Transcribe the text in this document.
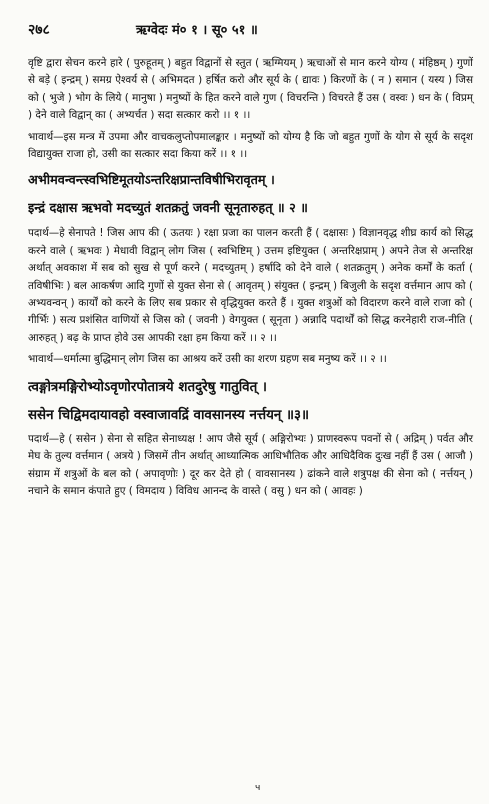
२७८	ऋग्वेदः मं० १ । सू० ५१ ॥

वृष्टि द्वारा सेचन करने हारे ( पुरुहूतम् ) बहुत विद्वानों से स्तुत ( ऋग्मियम् ) ऋचाओं से मान करने योग्य ( मंहिष्ठम् ) गुणों से बड़े ( इन्द्रम् ) समग्र ऐश्वर्य से ( अभिमदत ) हर्षित करो और सूर्य के ( द्यावः ) किरणों के ( न ) समान ( यस्य ) जिस को ( भुजे ) भोग के लिये ( मानुषा ) मनुष्यों के हित करने वाले गुण ( विचरन्ति ) विचरते हैं उस ( वस्वः ) धन के ( विप्रम् ) देने वाले विद्वान् का ( अभ्यर्चत ) सदा सत्कार करो ।। १ ।।

भावार्थ—इस मन्त्र में उपमा और वाचकलुप्तोपमालङ्कार । मनुष्यों को योग्य है कि जो बहुत गुणों के योग से सूर्य के सदृश विद्यायुक्त राजा हो, उसी का सत्कार सदा किया करें ।। १ ।।

अभीमवन्वन्त्स्वभिष्टिमूतयोऽन्तरिक्षप्रान्तविषीभिरावृतम् ।

इन्द्रं दक्षास ऋभवो मदच्युतं शतक्रतुं जवनी सूनृतारुहत् ॥ २ ॥

पदार्थ—हे सेनापते ! जिस आप की ( ऊतयः ) रक्षा प्रजा का पालन करती हैं ( दक्षासः ) विज्ञानवृद्ध शीघ्र कार्य को सिद्ध करने वाले ( ऋभवः ) मेधावी विद्वान् लोग जिस ( स्वभिष्टिम् ) उत्तम इष्टियुक्त ( अन्तरिक्षप्राम् ) अपने तेज से अन्तरिक्ष अर्थात् अवकाश में सब को सुख से पूर्ण करने ( मदच्युतम् ) हर्षादि को देने वाले ( शतक्रतुम् ) अनेक कर्मों के कर्ता ( तविषीभिः ) बल आकर्षण आदि गुणों से युक्त सेना से ( आवृतम् ) संयुक्त ( इन्द्रम् ) बिजुली के सदृश वर्त्तमान आप को ( अभ्यवन्वन् ) कार्यों को करने के लिए सब प्रकार से वृद्धियुक्त करते हैं । युक्त शत्रुओं को विदारण करने वाले राजा को ( गीर्भिः ) सत्य प्रशंसित वाणियों से जिस को ( जवनी ) वेगयुक्त ( सूनृता ) अन्नादि पदार्थों को सिद्ध करनेहारी राज-नीति ( आरुहत् ) बढ़ के प्राप्त होवे उस आपकी रक्षा हम किया करें ।। २ ।।

भावार्थ—धर्मात्मा बुद्धिमान् लोग जिस का आश्रय करें उसी का शरण ग्रहण सब मनुष्य करें ।। २ ।।

त्वङ्गोत्रमङ्गिरोभ्योऽवृणोरपोतात्रये शतदुरेषु गातुवित् ।

ससेन चिद्विमदायावहो वस्वाजावद्रिं वावसानस्य नर्त्तयन् ॥३॥

पदार्थ—हे ( ससेन ) सेना से सहित सेनाध्यक्ष ! आप जैसे सूर्य ( अङ्गिरोभ्यः ) प्राणस्वरूप पवनों से ( अद्रिम् ) पर्वत और मेघ के तुल्य वर्त्तमान ( अत्रये ) जिसमें तीन अर्थात् आध्यात्मिक आधिभौतिक और आधिदैविक दुःख नहीं हैं उस ( आजौ ) संग्राम में शत्रुओं के बल को ( अपावृणोः ) दूर कर देते हो ( वावसानस्य ) ढांकने वाले शत्रुपक्ष की सेना को ( नर्त्तयन् ) नचाने के समान कंपाते हुए ( विमदाय ) विविध आनन्द के वास्ते ( वसु ) धन को ( आवहः )

ч
